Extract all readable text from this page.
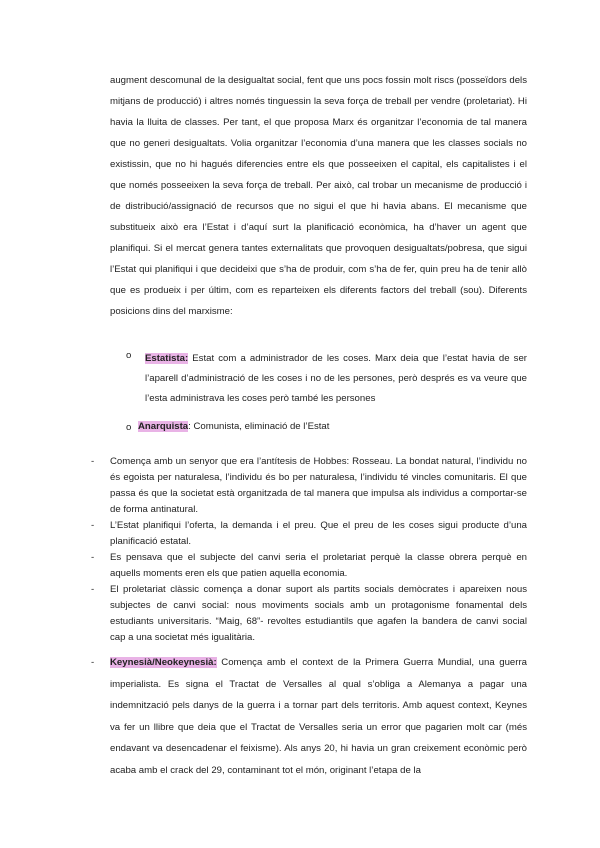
augment descomunal de la desigualtat social, fent que uns pocs fossin molt riscs (posseïdors dels mitjans de producció) i altres només tinguessin la seva força de treball per vendre (proletariat). Hi havia la lluita de classes. Per tant, el que proposa Marx és organitzar l’economia de tal manera que no generi desigualtats. Volia organitzar l’economia d’una manera que les classes socials no existissin, que no hi hagués diferencies entre els que posseeixen el capital, els capitalistes i el que només posseeixen la seva força de treball. Per això, cal trobar un mecanisme de producció i de distribució/assignació de recursos que no sigui el que hi havia abans. El mecanisme que substitueix això era l’Estat i d’aquí surt la planificació econòmica, ha d’haver un agent que planifiqui. Si el mercat genera tantes externalitats que provoquen desigualtats/pobresa, que sigui l’Estat qui planifiqui i que decideixi que s’ha de produir, com s’ha de fer, quin preu ha de tenir allò que es produeix i per últim, com es reparteixen els diferents factors del treball (sou). Diferents posicions dins del marxisme:

o Estatista: Estat com a administrador de les coses. Marx deia que l’estat havia de ser l’aparell d’administració de les coses i no de les persones, però després es va veure que l’esta administrava les coses però també les persones

o Anarquista: Comunista, eliminació de l’Estat

- Comença amb un senyor que era l’antítesis de Hobbes: Rosseau. La bondat natural, l’individu no és egoista per naturalesa, l’individu és bo per naturalesa, l’individu té vincles comunitaris. El que passa és que la societat està organitzada de tal manera que impulsa als individus a comportar-se de forma antinatural.
- L’Estat planifiqui l’oferta, la demanda i el preu. Que el preu de les coses sigui producte d’una planificació estatal.
- Es pensava que el subjecte del canvi seria el proletariat perquè la classe obrera perquè en aquells moments eren els que patien aquella economia.
- El proletariat clàssic comença a donar suport als partits socials demòcrates i apareixen nous subjectes de canvi social: nous moviments socials amb un protagonisme fonamental dels estudiants universitaris. “Maig, 68”- revoltes estudiantils que agafen la bandera de canvi social cap a una societat més igualitària.
-	Keynesià/Neokeynesià: Comença amb el context de la Primera Guerra Mundial, una guerra imperialista. Es signa el Tractat de Versalles al qual s’obliga a Alemanya a pagar una indemnització pels danys de la guerra i a tornar part dels territoris. Amb aquest context, Keynes va fer un llibre que deia que el Tractat de Versalles seria un error que pagarien molt car (més endavant va desencadenar el feixisme). Als anys 20, hi havia un gran creixement econòmic però acaba amb el crack del 29, contaminant tot el món, originant l’etapa de la
